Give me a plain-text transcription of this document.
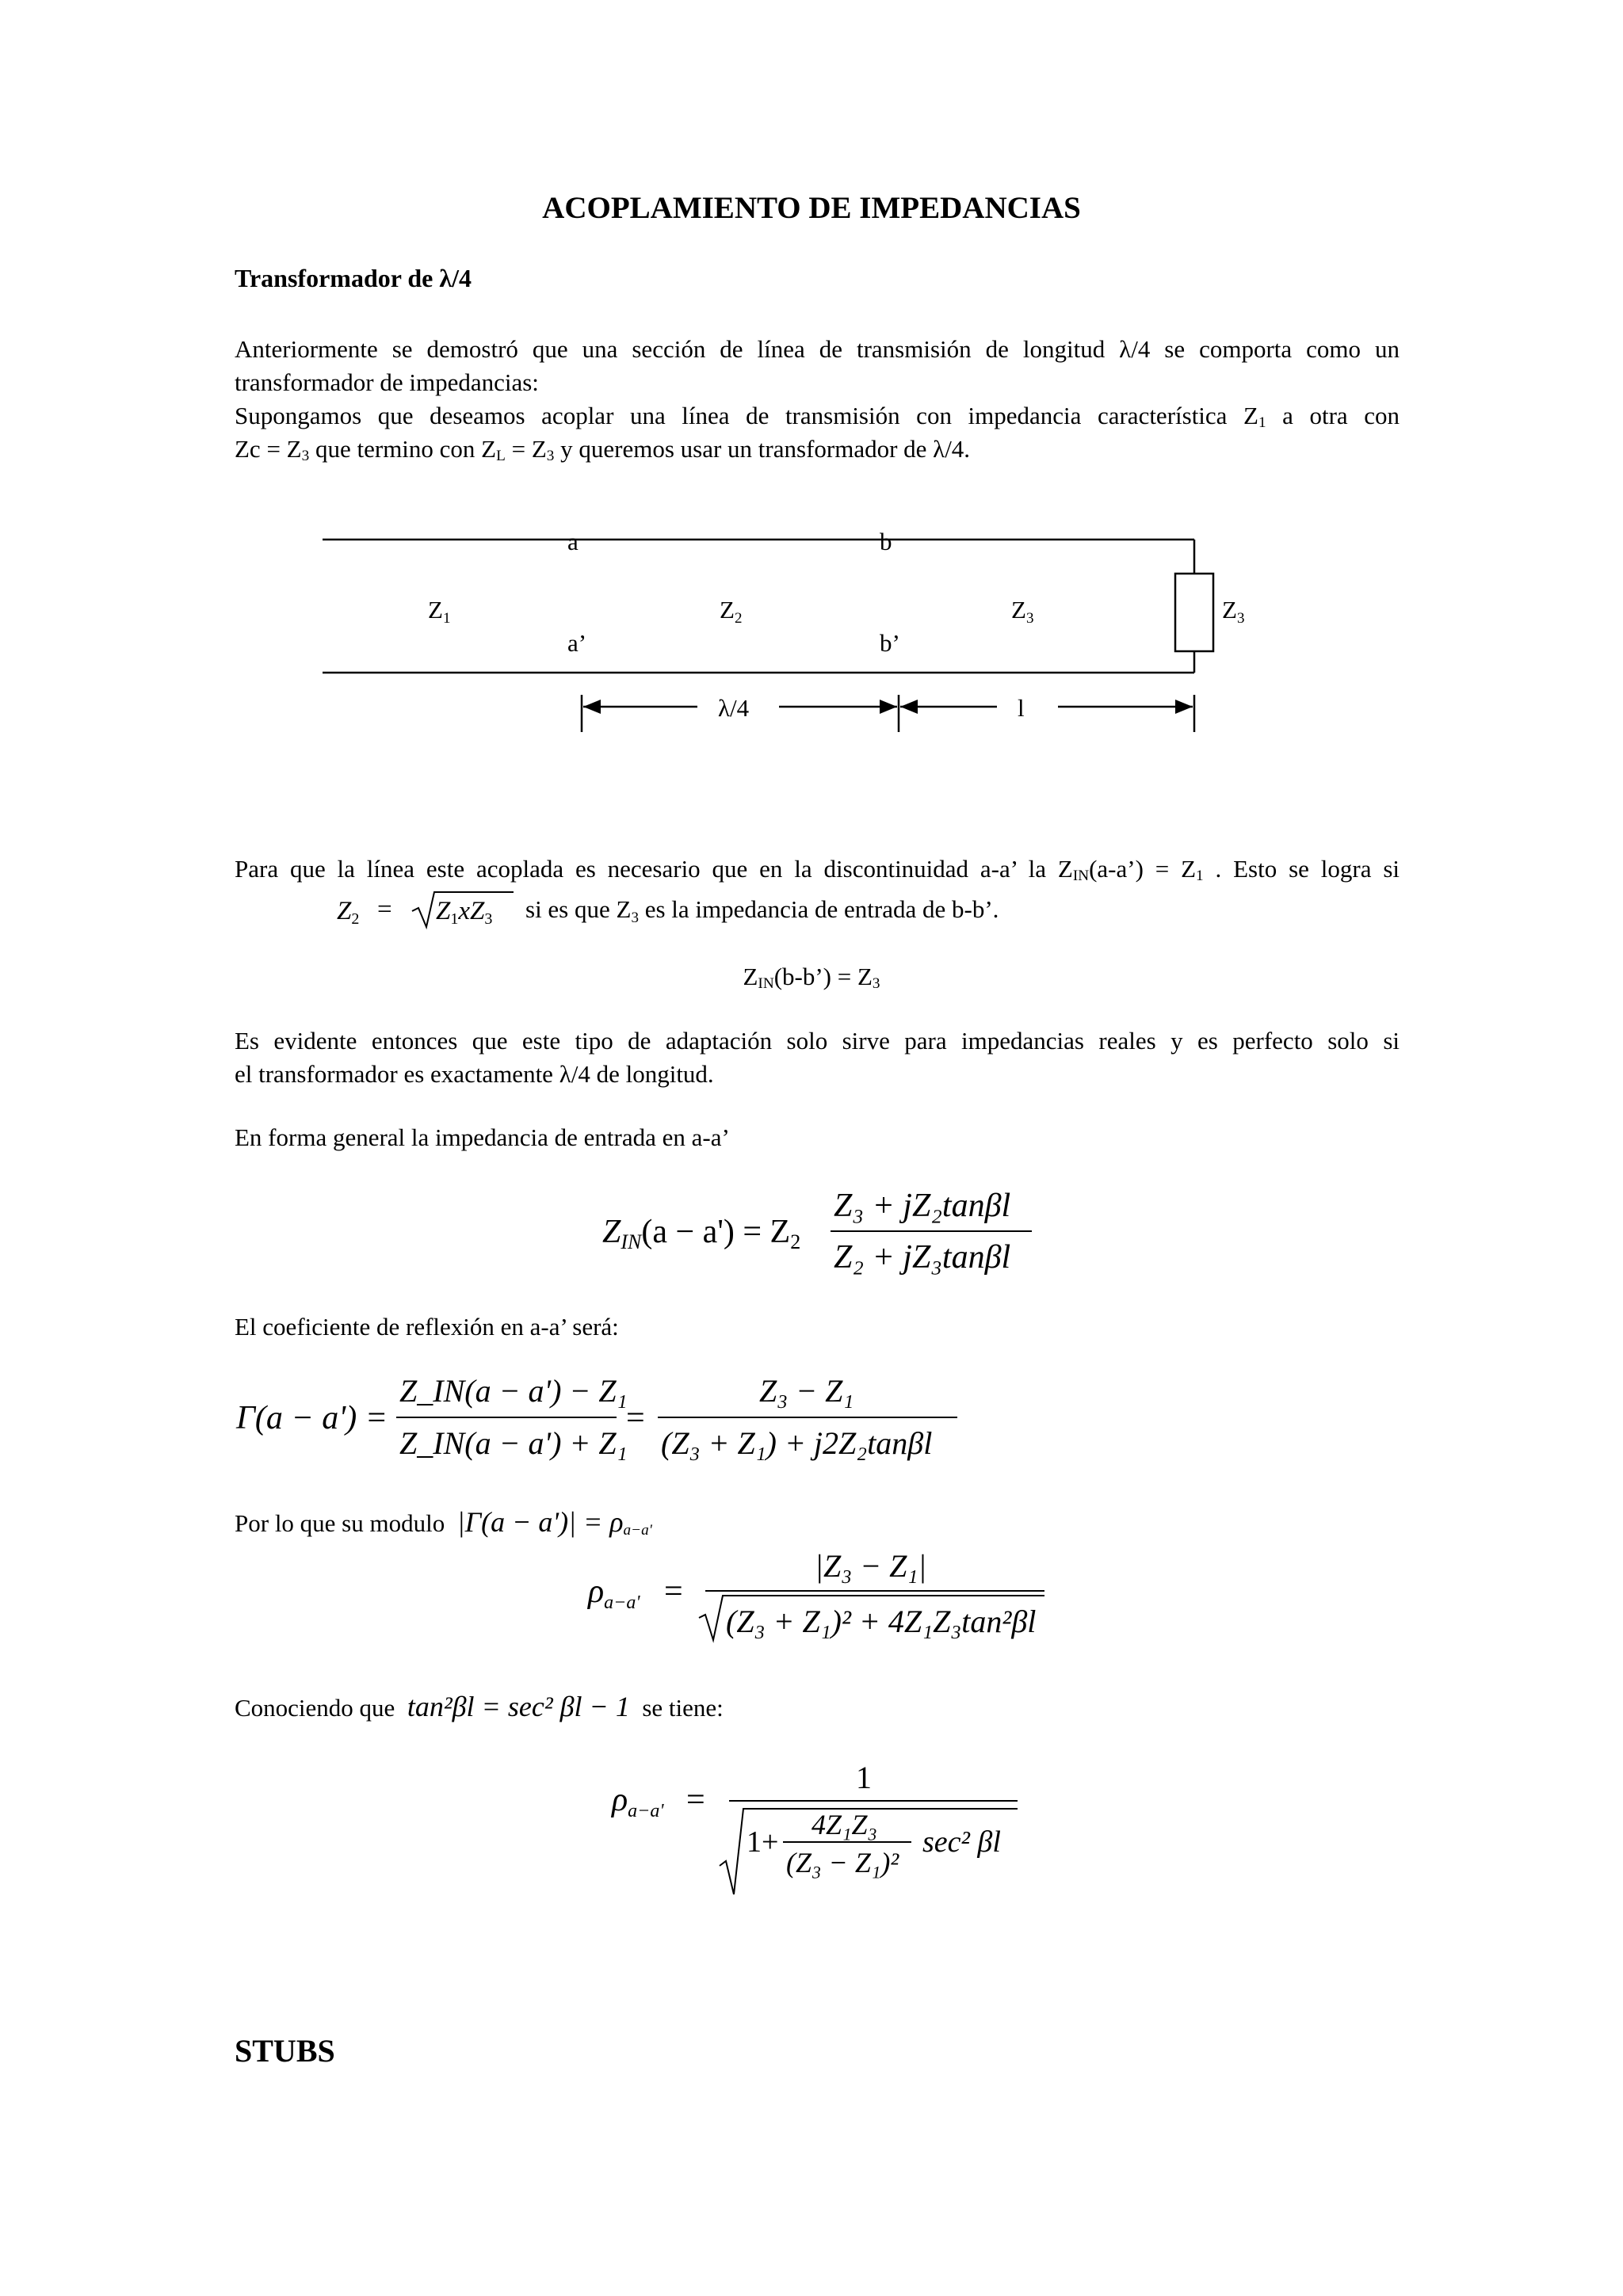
ACOPLAMIENTO DE IMPEDANCIAS
Transformador de λ/4
Anteriormente se demostró que una sección de línea de transmisión de longitud λ/4 se comporta como un
transformador de impedancias:
Supongamos que deseamos acoplar una línea de transmisión con impedancia característica $Z_1$ a otra con
$Zc = Z_3$ que termino con $Z_L = Z_3$ y queremos usar un transformador de λ/4.
a	b
a’	b’
Z1	Z2	Z3	Z3
λ/4	l
Para que la línea este acoplada es necesario que en la discontinuidad a-a’ la $Z_{IN}(a-a’) = Z_1$ . Esto se logra si
Z2 = Z1xZ3 si es que Z3 es la impedancia de entrada de b-b’.
$Z_{IN}(b-b’) = Z_3$
Es evidente entonces que este tipo de adaptación solo sirve para impedancias reales y es perfecto solo si
el transformador es exactamente λ/4 de longitud.
En forma general la impedancia de entrada en a-a’
ZIN(a − a') = Z2
Z₃ + jZ₂tanβl
Z₂ + jZ₃tanβl
El coeficiente de reflexión en a-a’ será:
Γ(a − a') =
Z_IN(a − a') − Z₁
Z_IN(a − a') + Z₁
=
Z₃ − Z₁
(Z₃ + Z₁) + j2Z₂tanβl
Por lo que su modulo $|\Gamma(a - a')| = \rho_{a-a'}$
ρa−a' =
|Z₃ − Z₁|
(Z₃ + Z₁)² + 4Z₁Z₃tan²βl
Conociendo que tan²βl = sec² βl − 1 se tiene:
ρa−a' =
1
1+
4Z₁Z₃
(Z₃ − Z₁)²
sec² βl
STUBS
